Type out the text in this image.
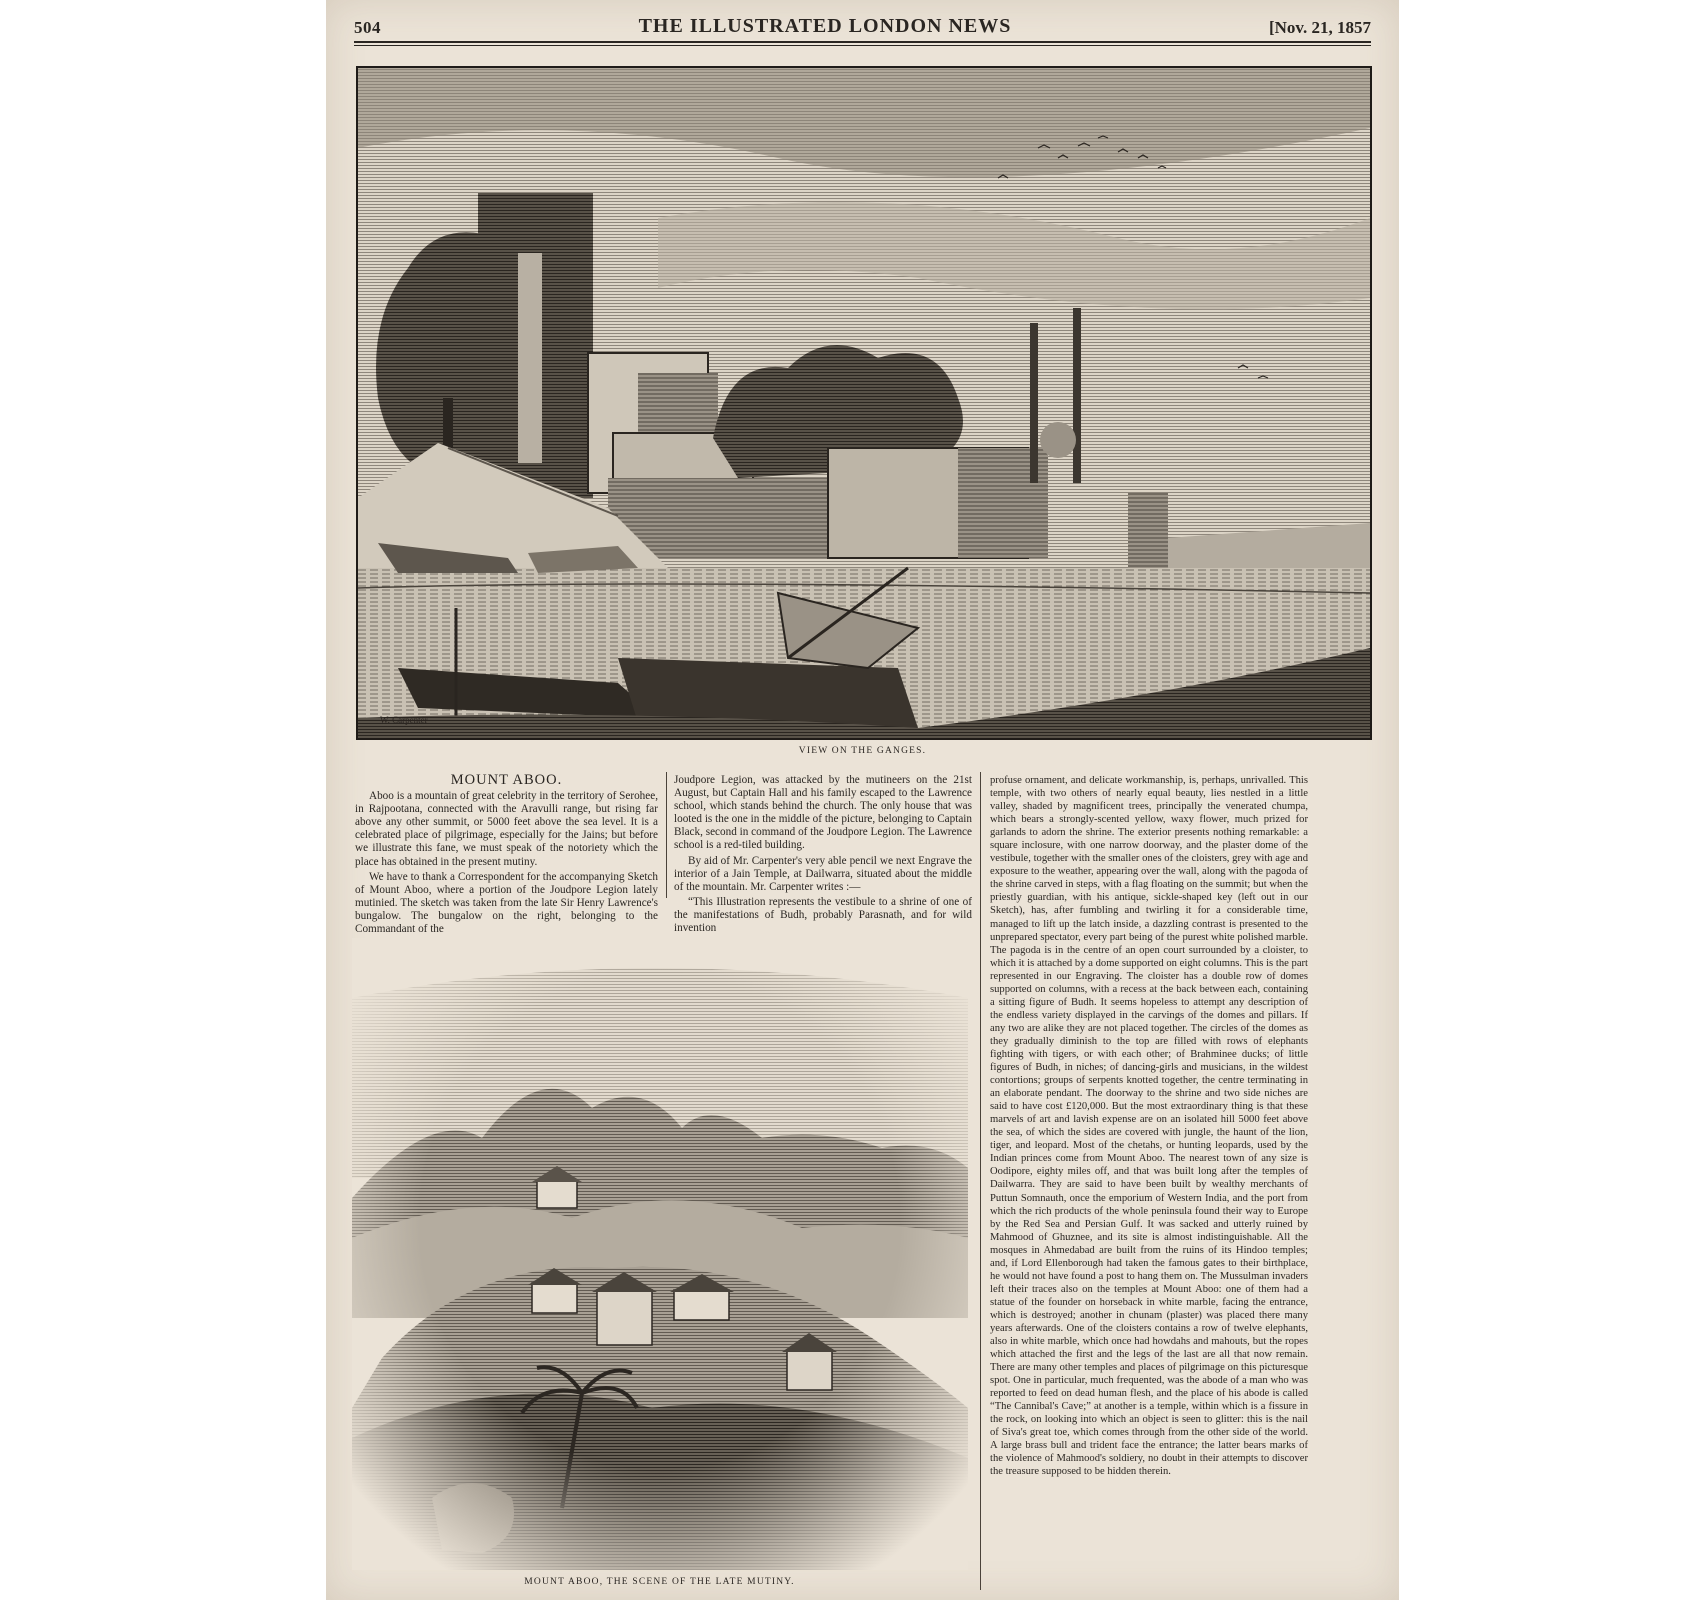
504	THE ILLUSTRATED LONDON NEWS	[Nov. 21, 1857
W. Carpenter
VIEW ON THE GANGES.
MOUNT ABOO.

Aboo is a mountain of great celebrity in the territory of Serohee, in Rajpootana, connected with the Aravulli range, but rising far above any other summit, or 5000 feet above the sea level. It is a celebrated place of pilgrimage, especially for the Jains; but before we illustrate this fane, we must speak of the notoriety which the place has obtained in the present mutiny.

We have to thank a Correspondent for the accompanying Sketch of Mount Aboo, where a portion of the Joudpore Legion lately mutinied. The sketch was taken from the late Sir Henry Lawrence's bungalow. The bungalow on the right, belonging to the Commandant of the

Joudpore Legion, was attacked by the mutineers on the 21st August, but Captain Hall and his family escaped to the Lawrence school, which stands behind the church. The only house that was looted is the one in the middle of the picture, belonging to Captain Black, second in command of the Joudpore Legion. The Lawrence school is a red-tiled building.

By aid of Mr. Carpenter's very able pencil we next Engrave the interior of a Jain Temple, at Dailwarra, situated about the middle of the mountain. Mr. Carpenter writes :—

“This Illustration represents the vestibule to a shrine of one of the manifestations of Budh, probably Parasnath, and for wild invention

profuse ornament, and delicate workmanship, is, perhaps, unrivalled. This temple, with two others of nearly equal beauty, lies nestled in a little valley, shaded by magnificent trees, principally the venerated chumpa, which bears a strongly-scented yellow, waxy flower, much prized for garlands to adorn the shrine. The exterior presents nothing remarkable: a square inclosure, with one narrow doorway, and the plaster dome of the vestibule, together with the smaller ones of the cloisters, grey with age and exposure to the weather, appearing over the wall, along with the pagoda of the shrine carved in steps, with a flag floating on the summit; but when the priestly guardian, with his antique, sickle-shaped key (left out in our Sketch), has, after fumbling and twirling it for a considerable time, managed to lift up the latch inside, a dazzling contrast is presented to the unprepared spectator, every part being of the purest white polished marble. The pagoda is in the centre of an open court surrounded by a cloister, to which it is attached by a dome supported on eight columns. This is the part represented in our Engraving. The cloister has a double row of domes supported on columns, with a recess at the back between each, containing a sitting figure of Budh. It seems hopeless to attempt any description of the endless variety displayed in the carvings of the domes and pillars. If any two are alike they are not placed together. The circles of the domes as they gradually diminish to the top are filled with rows of elephants fighting with tigers, or with each other; of Brahminee ducks; of little figures of Budh, in niches; of dancing-girls and musicians, in the wildest contortions; groups of serpents knotted together, the centre terminating in an elaborate pendant. The doorway to the shrine and two side niches are said to have cost £120,000. But the most extraordinary thing is that these marvels of art and lavish expense are on an isolated hill 5000 feet above the sea, of which the sides are covered with jungle, the haunt of the lion, tiger, and leopard. Most of the chetahs, or hunting leopards, used by the Indian princes come from Mount Aboo. The nearest town of any size is Oodipore, eighty miles off, and that was built long after the temples of Dailwarra. They are said to have been built by wealthy merchants of Puttun Somnauth, once the emporium of Western India, and the port from which the rich products of the whole peninsula found their way to Europe by the Red Sea and Persian Gulf. It was sacked and utterly ruined by Mahmood of Ghuznee, and its site is almost indistinguishable. All the mosques in Ahmedabad are built from the ruins of its Hindoo temples; and, if Lord Ellenborough had taken the famous gates to their birthplace, he would not have found a post to hang them on. The Mussulman invaders left their traces also on the temples at Mount Aboo: one of them had a statue of the founder on horseback in white marble, facing the entrance, which is destroyed; another in chunam (plaster) was placed there many years afterwards. One of the cloisters contains a row of twelve elephants, also in white marble, which once had howdahs and mahouts, but the ropes which attached the first and the legs of the last are all that now remain. There are many other temples and places of pilgrimage on this picturesque spot. One in particular, much frequented, was the abode of a man who was reported to feed on dead human flesh, and the place of his abode is called “The Cannibal's Cave;” at another is a temple, within which is a fissure in the rock, on looking into which an object is seen to glitter: this is the nail of Siva's great toe, which comes through from the other side of the world. A large brass bull and trident face the entrance; the latter bears marks of the violence of Mahmood's soldiery, no doubt in their attempts to discover the treasure supposed to be hidden therein.

MOUNT ABOO, THE SCENE OF THE LATE MUTINY.
